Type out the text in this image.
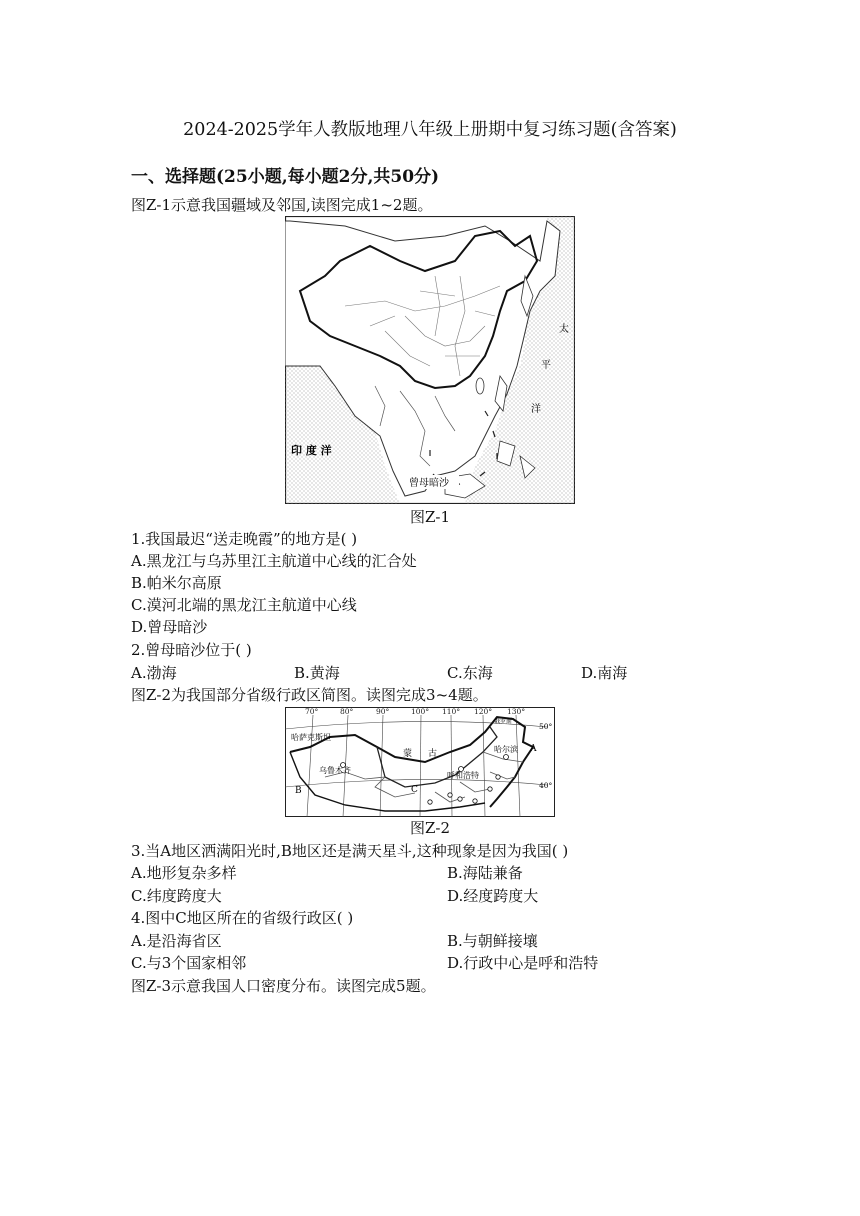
2024-2025学年人教版地理八年级上册期中复习练习题(含答案)
一、选择题(25小题,每小题2分,共50分)
图Z-1示意我国疆域及邻国,读图完成1~2题。
太
平
洋
印 度 洋
曾母暗沙
图Z-1
1.我国最迟“送走晚霞”的地方是( )
A.黑龙江与乌苏里江主航道中心线的汇合处
B.帕米尔高原
C.漠河北端的黑龙江主航道中心线
D.曾母暗沙
2.曾母暗沙位于( )
A.渤海	B.黄海	C.东海	D.南海
图Z-2为我国部分省级行政区简图。读图完成3~4题。
70°	80°	90°	100° 110° 120° 130°
50°
40°
哈萨克斯坦
蒙 古
乌鲁木齐
呼和浩特
哈尔滨
俄罗斯
A
B	C
图Z-2
3.当A地区洒满阳光时,B地区还是满天星斗,这种现象是因为我国( )
A.地形复杂多样	B.海陆兼备
C.纬度跨度大	D.经度跨度大
4.图中C地区所在的省级行政区( )
A.是沿海省区	B.与朝鲜接壤
C.与3个国家相邻	D.行政中心是呼和浩特
图Z-3示意我国人口密度分布。读图完成5题。
